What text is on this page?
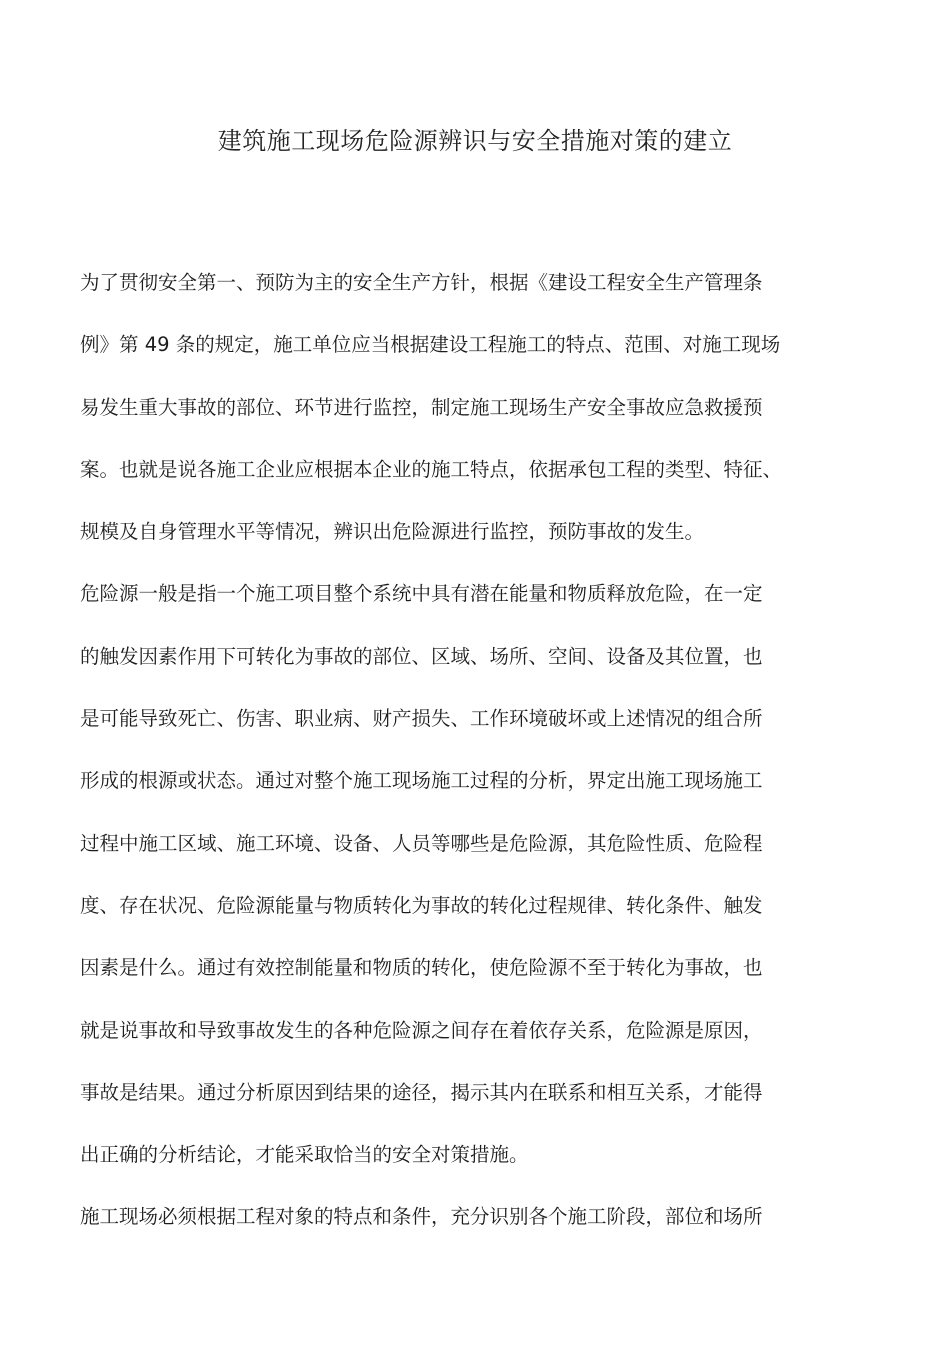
建筑施工现场危险源辨识与安全措施对策的建立
为了贯彻安全第一、预防为主的安全生产方针，根据《建设工程安全生产管理条
例》第 49 条的规定，施工单位应当根据建设工程施工的特点、范围、对施工现场
易发生重大事故的部位、环节进行监控，制定施工现场生产安全事故应急救援预
案。也就是说各施工企业应根据本企业的施工特点，依据承包工程的类型、特征、
规模及自身管理水平等情况，辨识出危险源进行监控，预防事故的发生。
危险源一般是指一个施工项目整个系统中具有潜在能量和物质释放危险，在一定
的触发因素作用下可转化为事故的部位、区域、场所、空间、设备及其位置，也
是可能导致死亡、伤害、职业病、财产损失、工作环境破坏或上述情况的组合所
形成的根源或状态。通过对整个施工现场施工过程的分析，界定出施工现场施工
过程中施工区域、施工环境、设备、人员等哪些是危险源，其危险性质、危险程
度、存在状况、危险源能量与物质转化为事故的转化过程规律、转化条件、触发
因素是什么。通过有效控制能量和物质的转化，使危险源不至于转化为事故，也
就是说事故和导致事故发生的各种危险源之间存在着依存关系，危险源是原因，
事故是结果。通过分析原因到结果的途径，揭示其内在联系和相互关系，才能得
出正确的分析结论，才能采取恰当的安全对策措施。
施工现场必须根据工程对象的特点和条件，充分识别各个施工阶段，部位和场所
